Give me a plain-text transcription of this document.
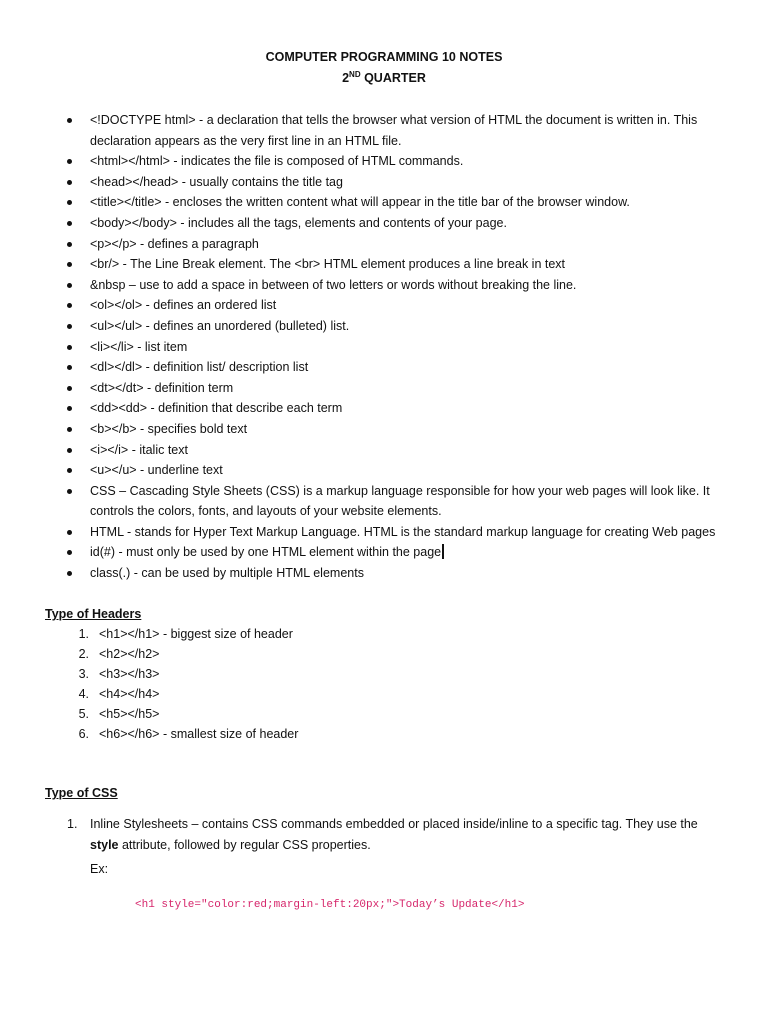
COMPUTER PROGRAMMING 10 NOTES
2ND QUARTER
<!DOCTYPE html> - a declaration that tells the browser what version of HTML the document is written in. This declaration appears as the very first line in an HTML file.
<html></html> - indicates the file is composed of HTML commands.
<head></head> - usually contains the title tag
<title></title> - encloses the written content what will appear in the title bar of the browser window.
<body></body> - includes all the tags, elements and contents of your page.
<p></p> - defines a paragraph
<br/> - The Line Break element. The <br> HTML element produces a line break in text
&nbsp – use to add a space in between of two letters or words without breaking the line.
<ol></ol> - defines an ordered list
<ul></ul> - defines an unordered (bulleted) list.
<li></li> - list item
<dl></dl> - definition list/ description list
<dt></dt> - definition term
<dd><dd> - definition that describe each term
<b></b> - specifies bold text
<i></i> - italic text
<u></u> - underline text
CSS – Cascading Style Sheets (CSS) is a markup language responsible for how your web pages will look like. It controls the colors, fonts, and layouts of your website elements.
HTML - stands for Hyper Text Markup Language. HTML is the standard markup language for creating Web pages
id(#) - must only be used by one HTML element within the page
class(.) - can be used by multiple HTML elements
Type of Headers
1. <h1></h1> - biggest size of header
2. <h2></h2>
3. <h3></h3>
4. <h4></h4>
5. <h5></h5>
6. <h6></h6> - smallest size of header
Type of CSS
1. Inline Stylesheets – contains CSS commands embedded or placed inside/inline to a specific tag. They use the style attribute, followed by regular CSS properties.
Ex:
<h1 style="color:red;margin-left:20px;">Today’s Update</h1>
